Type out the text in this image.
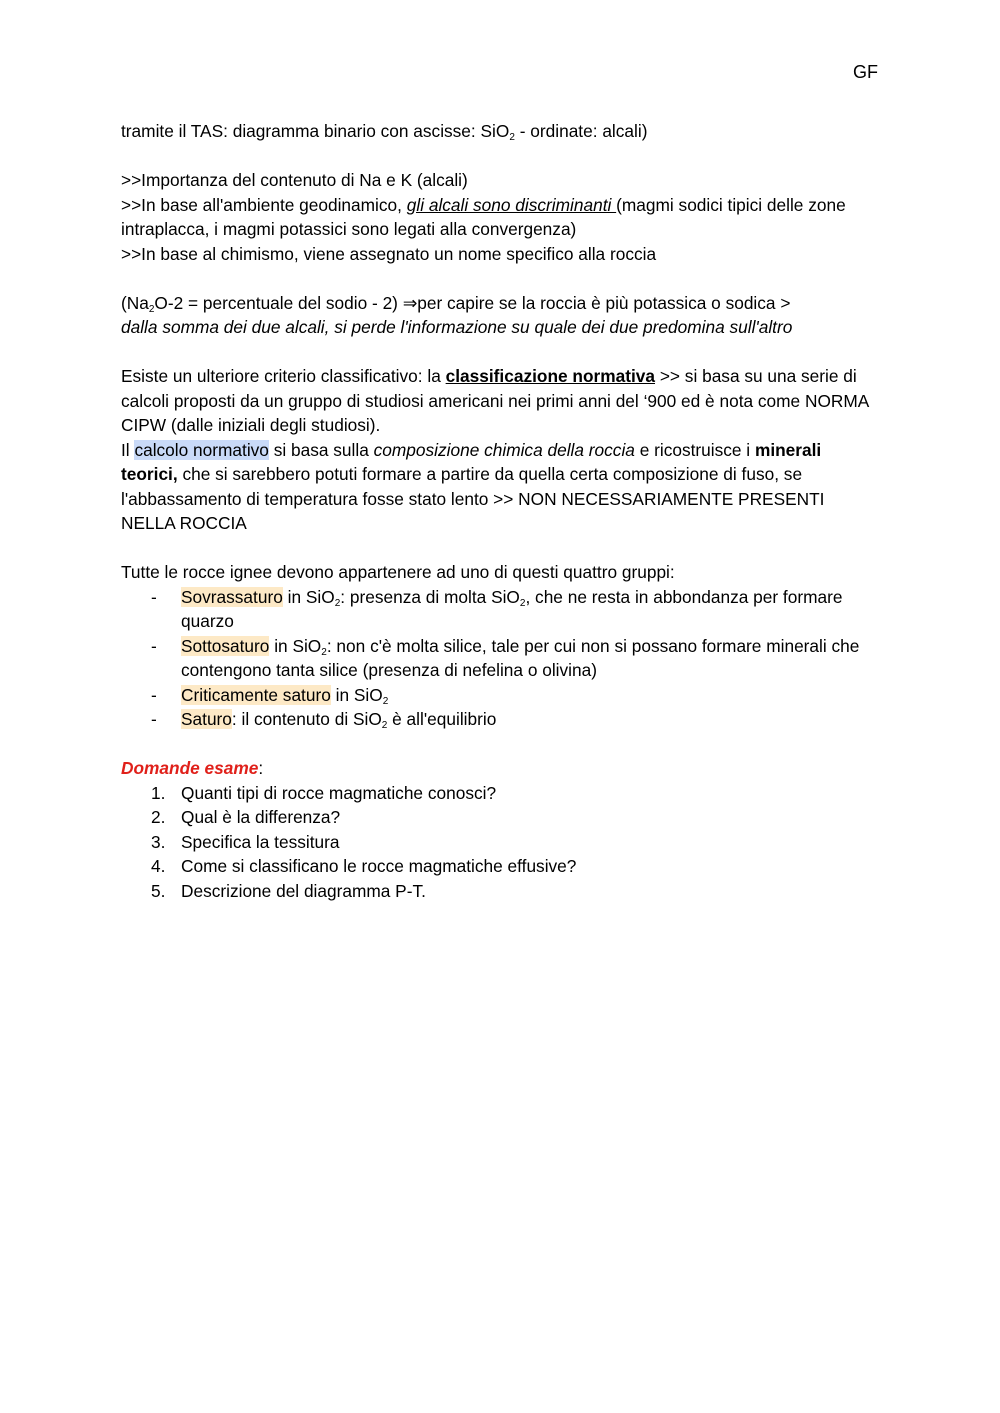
GF

tramite il TAS: diagramma binario con ascisse: SiO$_2$ - ordinate: alcali)

>>Importanza del contenuto di Na e K (alcali)

>>In base all'ambiente geodinamico, gli alcali sono discriminanti (magmi sodici tipici delle zone intraplacca, i magmi potassici sono legati alla convergenza)

>>In base al chimismo, viene assegnato un nome specifico alla roccia

($Na_2O-2$ = percentuale del sodio - 2) ⇒per capire se la roccia è più potassica o sodica >
dalla somma dei due alcali, si perde l'informazione su quale dei due predomina sull'altro

Esiste un ulteriore criterio classificativo: la classificazione normativa >> si basa su una serie di calcoli proposti da un gruppo di studiosi americani nei primi anni del ‘900 ed è nota come NORMA CIPW (dalle iniziali degli studiosi).

Il calcolo normativo si basa sulla composizione chimica della roccia e ricostruisce i minerali teorici, che si sarebbero potuti formare a partire da quella certa composizione di fuso, se l'abbassamento di temperatura fosse stato lento >> NON NECESSARIAMENTE PRESENTI NELLA ROCCIA

Tutte le rocce ignee devono appartenere ad uno di questi quattro gruppi:

- Sovrassaturo in SiO$_2$: presenza di molta SiO$_2$, che ne resta in abbondanza per formare quarzo
- Sottosaturo in SiO$_2$: non c'è molta silice, tale per cui non si possano formare minerali che contengono tanta silice (presenza di nefelina o olivina)
- Criticamente saturo in SiO$_2$
- Saturo: il contenuto di SiO$_2$ è all'equilibrio

Domande esame:

1. Quanti tipi di rocce magmatiche conosci?
2. Qual è la differenza?
3. Specifica la tessitura
4. Come si classificano le rocce magmatiche effusive?
5. Descrizione del diagramma P-T.
